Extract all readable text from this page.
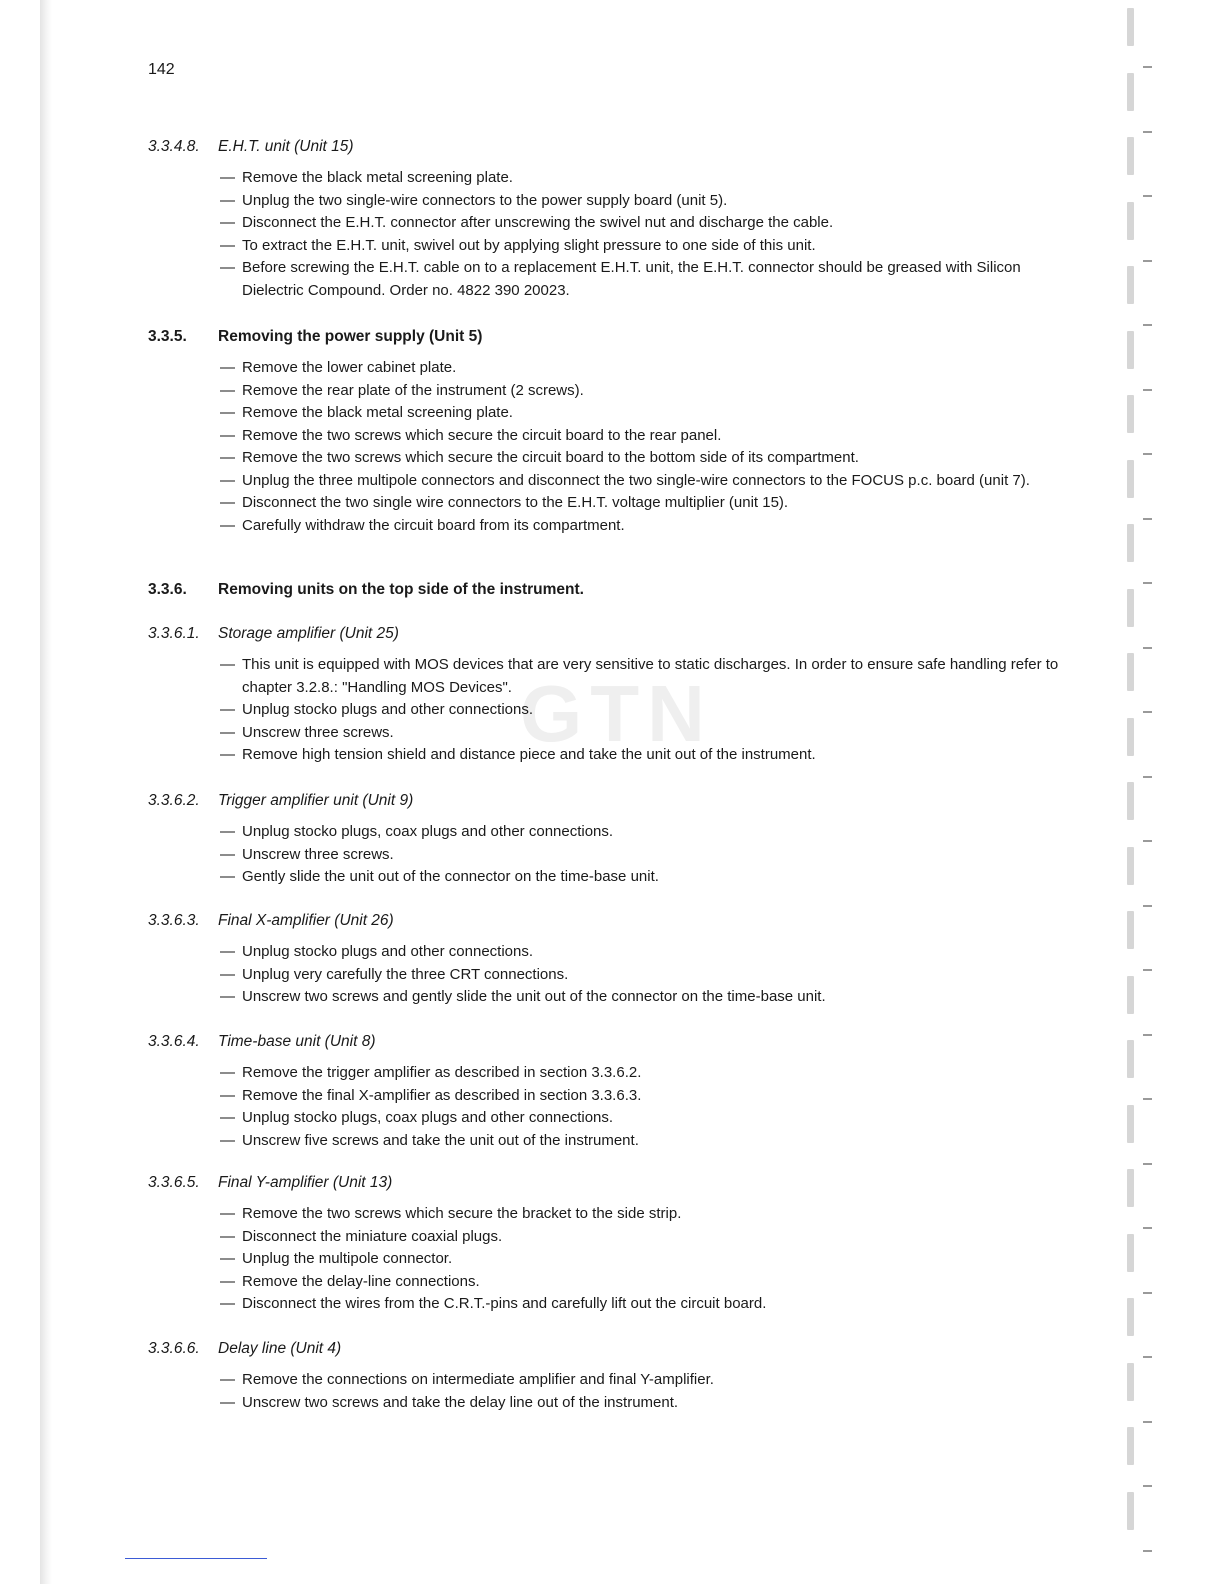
142
GTN
3.3.4.8.	E.H.T. unit (Unit 15)
— Remove the black metal screening plate.
— Unplug the two single-wire connectors to the power supply board (unit 5).
— Disconnect the E.H.T. connector after unscrewing the swivel nut and discharge the cable.
— To extract the E.H.T. unit, swivel out by applying slight pressure to one side of this unit.
— Before screwing the E.H.T. cable on to a replacement E.H.T. unit, the E.H.T. connector should be greased with Silicon Dielectric Compound. Order no. 4822 390 20023.
3.3.5.	Removing the power supply (Unit 5)
— Remove the lower cabinet plate.
— Remove the rear plate of the instrument (2 screws).
— Remove the black metal screening plate.
— Remove the two screws which secure the circuit board to the rear panel.
— Remove the two screws which secure the circuit board to the bottom side of its compartment.
— Unplug the three multipole connectors and disconnect the two single-wire connectors to the FOCUS p.c. board (unit 7).
— Disconnect the two single wire connectors to the E.H.T. voltage multiplier (unit 15).
— Carefully withdraw the circuit board from its compartment.
3.3.6.	Removing units on the top side of the instrument.
3.3.6.1.	Storage amplifier (Unit 25)
— This unit is equipped with MOS devices that are very sensitive to static discharges. In order to ensure safe handling refer to chapter 3.2.8.: "Handling MOS Devices".
— Unplug stocko plugs and other connections.
— Unscrew three screws.
— Remove high tension shield and distance piece and take the unit out of the instrument.
3.3.6.2.	Trigger amplifier unit (Unit 9)
— Unplug stocko plugs, coax plugs and other connections.
— Unscrew three screws.
— Gently slide the unit out of the connector on the time-base unit.
3.3.6.3.	Final X-amplifier (Unit 26)
— Unplug stocko plugs and other connections.
— Unplug very carefully the three CRT connections.
— Unscrew two screws and gently slide the unit out of the connector on the time-base unit.
3.3.6.4.	Time-base unit (Unit 8)
— Remove the trigger amplifier as described in section 3.3.6.2.
— Remove the final X-amplifier as described in section 3.3.6.3.
— Unplug stocko plugs, coax plugs and other connections.
— Unscrew five screws and take the unit out of the instrument.
3.3.6.5.	Final Y-amplifier (Unit 13)
— Remove the two screws which secure the bracket to the side strip.
— Disconnect the miniature coaxial plugs.
— Unplug the multipole connector.
— Remove the delay-line connections.
— Disconnect the wires from the C.R.T.-pins and carefully lift out the circuit board.
3.3.6.6.	Delay line (Unit 4)
— Remove the connections on intermediate amplifier and final Y-amplifier.
— Unscrew two screws and take the delay line out of the instrument.
